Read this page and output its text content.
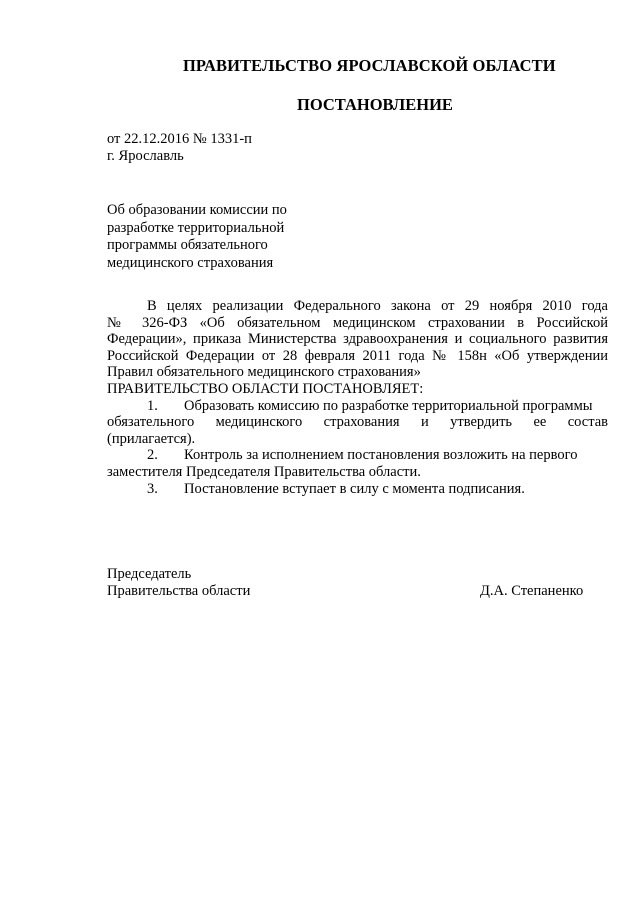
ПРАВИТЕЛЬСТВО ЯРОСЛАВСКОЙ ОБЛАСТИ
ПОСТАНОВЛЕНИЕ
от 22.12.2016 № 1331-п
г. Ярославль
Об образовании комиссии по
разработке территориальной
программы обязательного
медицинского страхования
В целях реализации Федерального закона от 29 ноября 2010 года
№ 326-ФЗ «Об обязательном медицинском страховании в Российской
Федерации», приказа Министерства здравоохранения и социального развития
Российской Федерации от 28 февраля 2011 года № 158н «Об утверждении
Правил обязательного медицинского страхования»
ПРАВИТЕЛЬСТВО ОБЛАСТИ ПОСТАНОВЛЯЕТ:
1. Образовать комиссию по разработке территориальной программы
обязательного медицинского страхования и утвердить ее состав
(прилагается).
2. Контроль за исполнением постановления возложить на первого
заместителя Председателя Правительства области.
3. Постановление вступает в силу с момента подписания.
Председатель
Правительства области	Д.А. Степаненко
